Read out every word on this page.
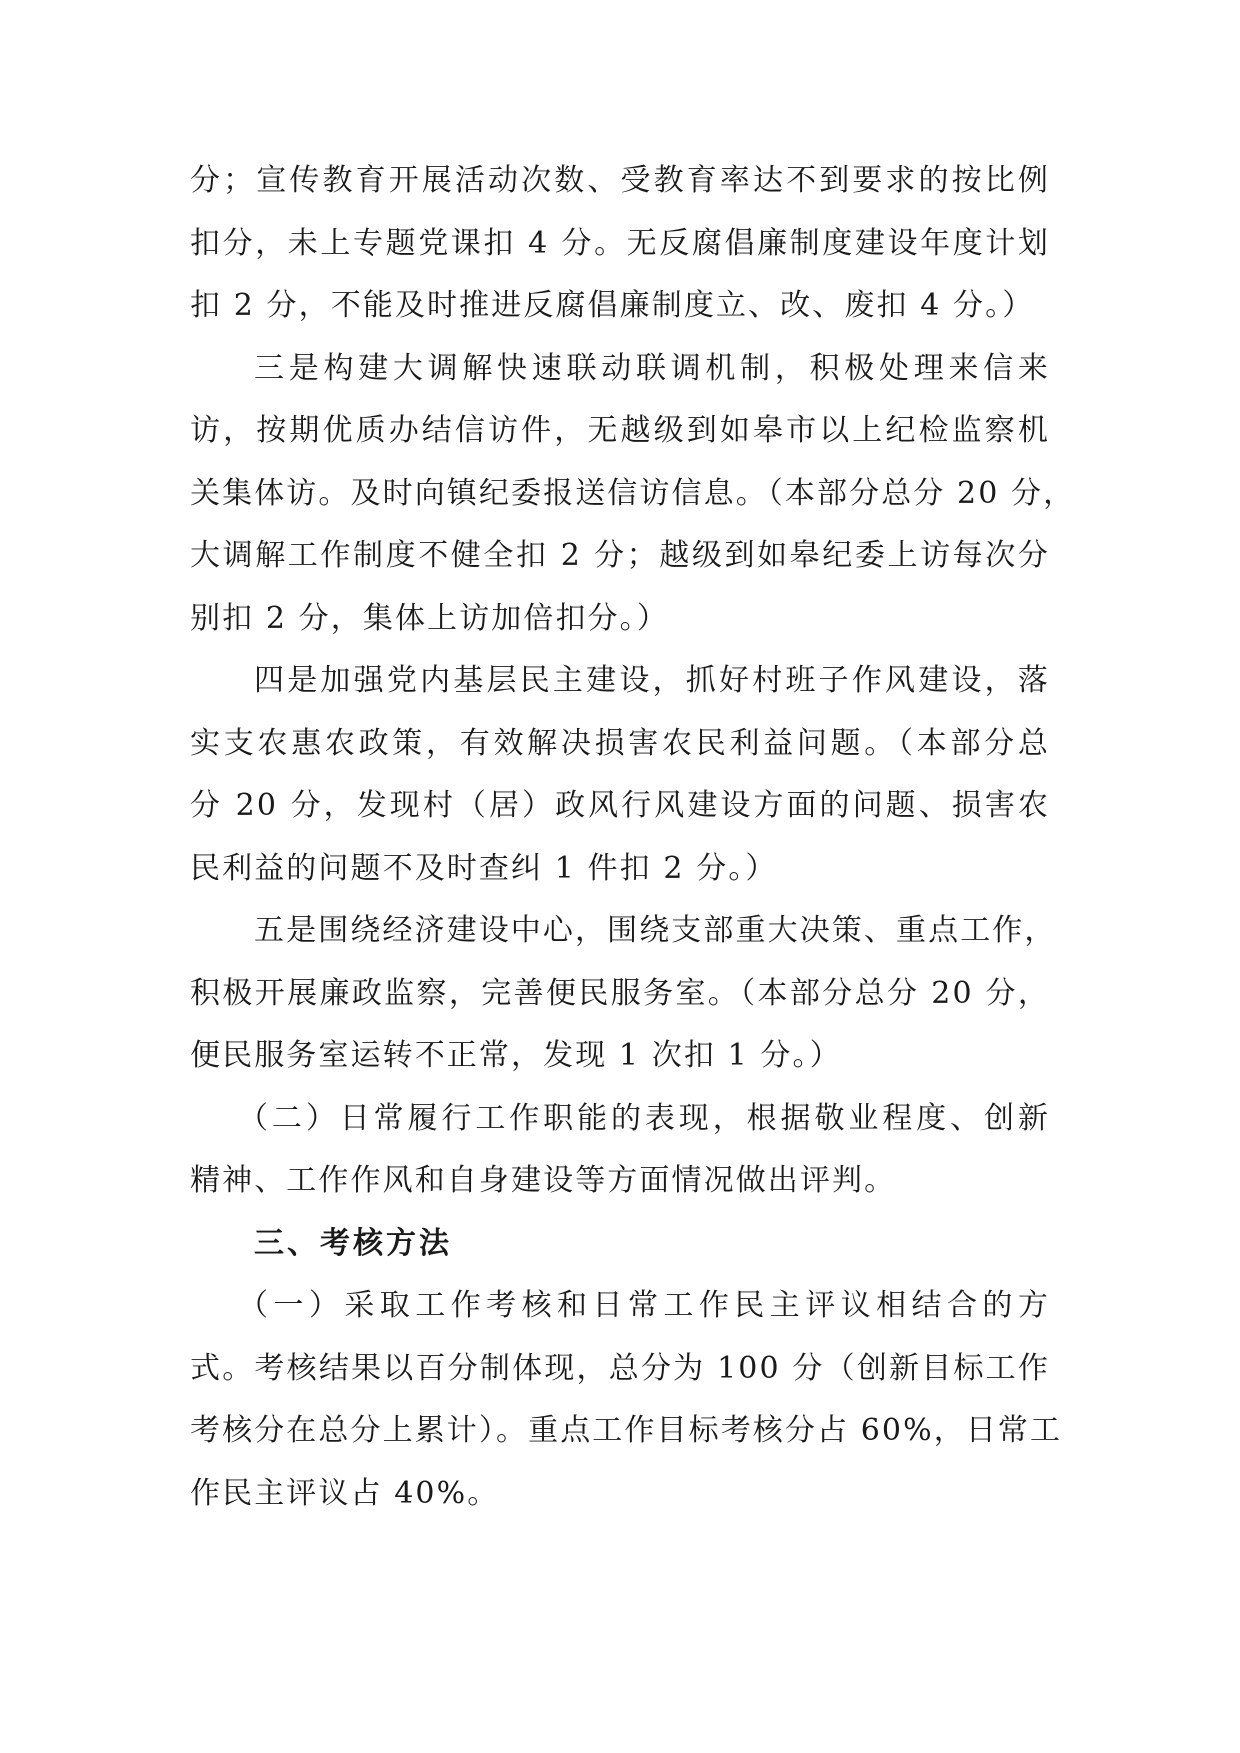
分；宣传教育开展活动次数、受教育率达不到要求的按比例
扣分，未上专题党课扣 4 分。无反腐倡廉制度建设年度计划
扣 2 分，不能及时推进反腐倡廉制度立、改、废扣 4 分。）
三是构建大调解快速联动联调机制，积极处理来信来
访，按期优质办结信访件，无越级到如皋市以上纪检监察机
关集体访。及时向镇纪委报送信访信息。（本部分总分 20 分，
大调解工作制度不健全扣 2 分；越级到如皋纪委上访每次分
别扣 2 分，集体上访加倍扣分。）
四是加强党内基层民主建设，抓好村班子作风建设，落
实支农惠农政策，有效解决损害农民利益问题。（本部分总
分 20 分，发现村（居）政风行风建设方面的问题、损害农
民利益的问题不及时查纠 1 件扣 2 分。）
五是围绕经济建设中心，围绕支部重大决策、重点工作，
积极开展廉政监察，完善便民服务室。（本部分总分 20 分，
便民服务室运转不正常，发现 1 次扣 1 分。）
（二）日常履行工作职能的表现，根据敬业程度、创新
精神、工作作风和自身建设等方面情况做出评判。
三、考核方法
（一）采取工作考核和日常工作民主评议相结合的方
式。考核结果以百分制体现，总分为 100 分（创新目标工作
考核分在总分上累计）。重点工作目标考核分占 60%，日常工
作民主评议占 40%。
